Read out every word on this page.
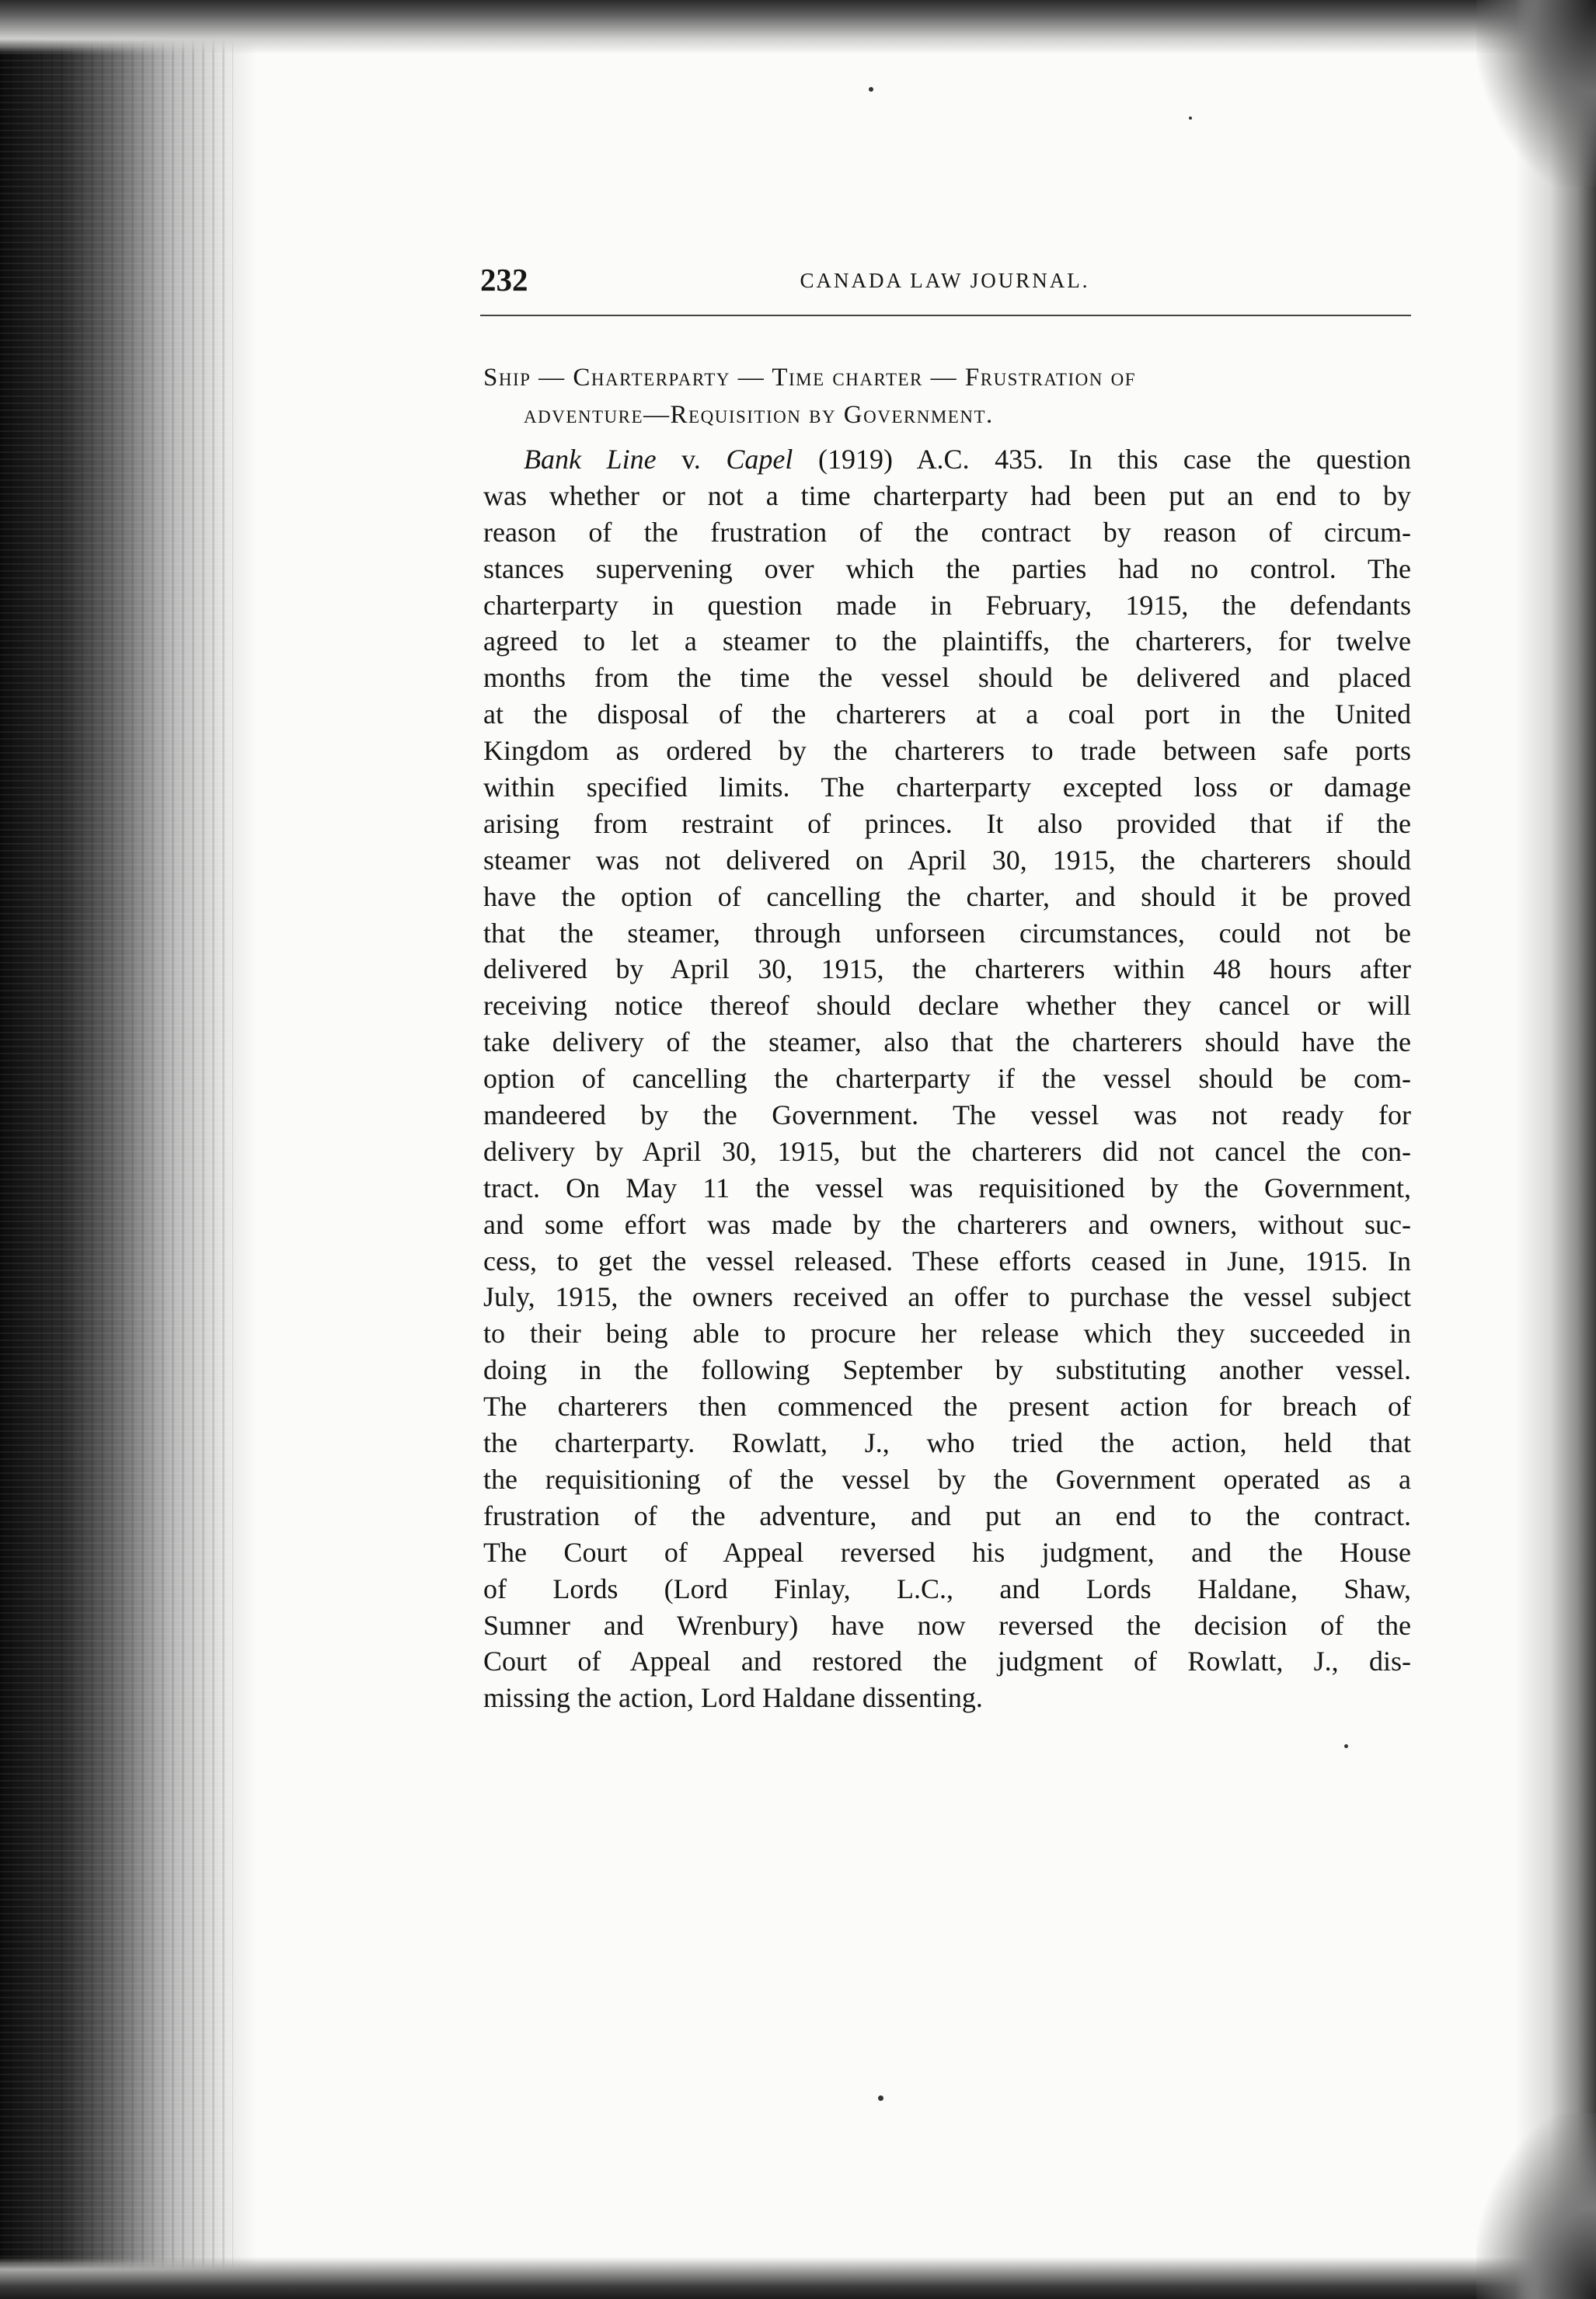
232	CANADA LAW JOURNAL.
Ship — Charterparty — Time charter — Frustration of
adventure—Requisition by Government.
Bank Line v. Capel (1919) A.C. 435. In this case the question
was whether or not a time charterparty had been put an end to by
reason of the frustration of the contract by reason of circum-
stances supervening over which the parties had no control. The
charterparty in question made in February, 1915, the defendants
agreed to let a steamer to the plaintiffs, the charterers, for twelve
months from the time the vessel should be delivered and placed
at the disposal of the charterers at a coal port in the United
Kingdom as ordered by the charterers to trade between safe ports
within specified limits. The charterparty excepted loss or damage
arising from restraint of princes. It also provided that if the
steamer was not delivered on April 30, 1915, the charterers should
have the option of cancelling the charter, and should it be proved
that the steamer, through unforseen circumstances, could not be
delivered by April 30, 1915, the charterers within 48 hours after
receiving notice thereof should declare whether they cancel or will
take delivery of the steamer, also that the charterers should have the
option of cancelling the charterparty if the vessel should be com-
mandeered by the Government. The vessel was not ready for
delivery by April 30, 1915, but the charterers did not cancel the con-
tract. On May 11 the vessel was requisitioned by the Government,
and some effort was made by the charterers and owners, without suc-
cess, to get the vessel released. These efforts ceased in June, 1915. In
July, 1915, the owners received an offer to purchase the vessel subject
to their being able to procure her release which they succeeded in
doing in the following September by substituting another vessel.
The charterers then commenced the present action for breach of
the charterparty. Rowlatt, J., who tried the action, held that
the requisitioning of the vessel by the Government operated as a
frustration of the adventure, and put an end to the contract.
The Court of Appeal reversed his judgment, and the House
of Lords (Lord Finlay, L.C., and Lords Haldane, Shaw,
Sumner and Wrenbury) have now reversed the decision of the
Court of Appeal and restored the judgment of Rowlatt, J., dis-
missing the action, Lord Haldane dissenting.
